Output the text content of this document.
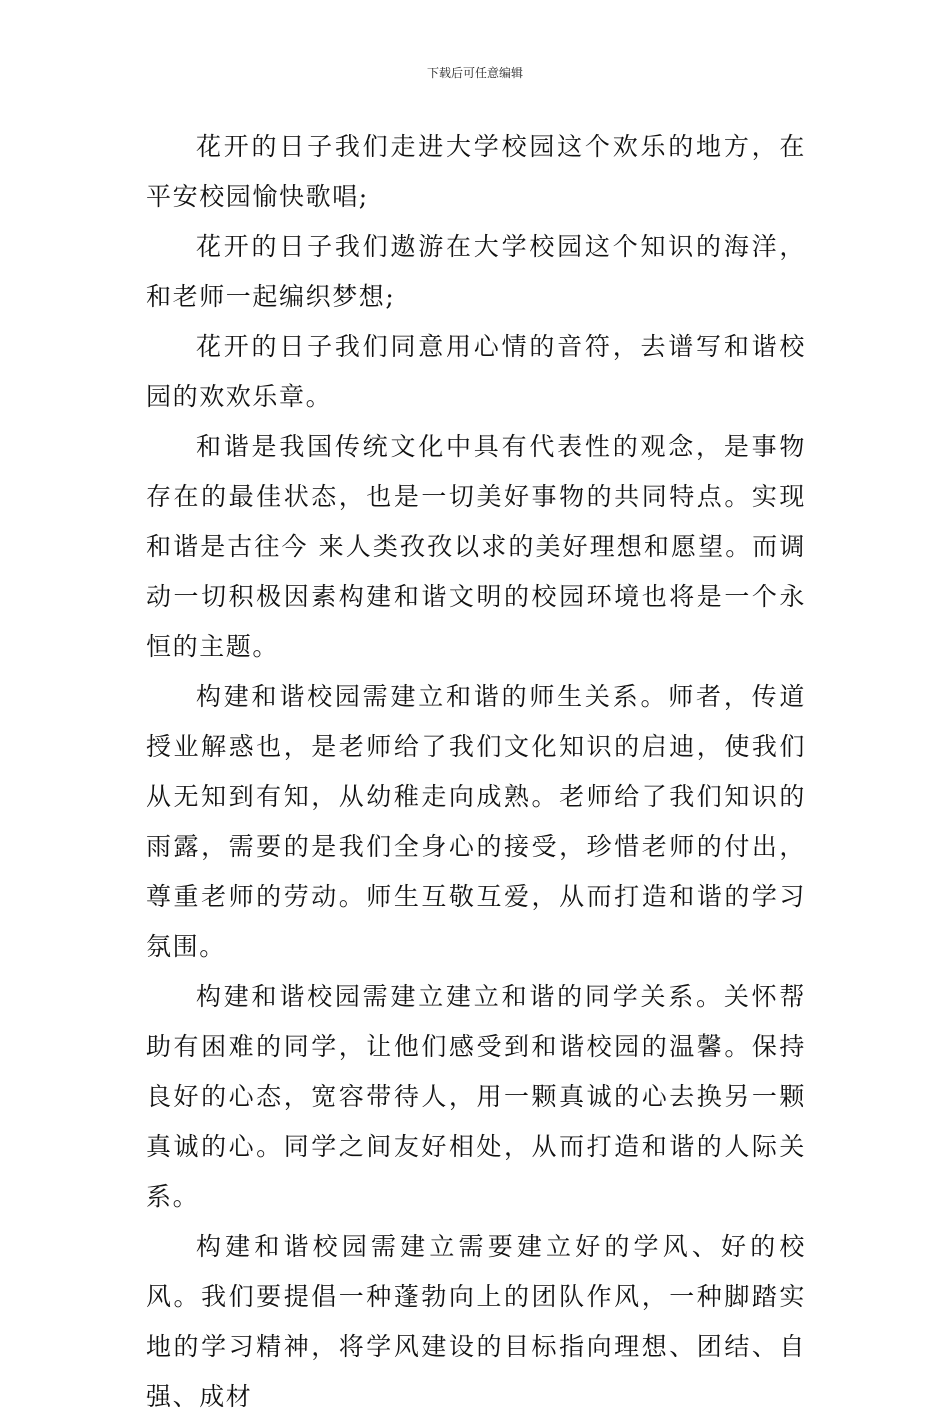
下载后可任意编辑

花开的日子我们走进大学校园这个欢乐的地方，在平安校园愉快歌唱;

花开的日子我们遨游在大学校园这个知识的海洋，和老师一起编织梦想;

花开的日子我们同意用心情的音符，去谱写和谐校园的欢欢乐章。

和谐是我国传统文化中具有代表性的观念，是事物存在的最佳状态，也是一切美好事物的共同特点。实现和谐是古往今 来人类孜孜以求的美好理想和愿望。而调动一切积极因素构建和谐文明的校园环境也将是一个永恒的主题。

构建和谐校园需建立和谐的师生关系。师者，传道授业解惑也，是老师给了我们文化知识的启迪，使我们从无知到有知，从幼稚走向成熟。老师给了我们知识的雨露，需要的是我们全身心的接受，珍惜老师的付出，尊重老师的劳动。师生互敬互爱，从而打造和谐的学习氛围。

构建和谐校园需建立建立和谐的同学关系。关怀帮助有困难的同学，让他们感受到和谐校园的温馨。保持良好的心态，宽容带待人，用一颗真诚的心去换另一颗真诚的心。同学之间友好相处，从而打造和谐的人际关系。

构建和谐校园需建立需要建立好的学风、好的校风。我们要提倡一种蓬勃向上的团队作风，一种脚踏实地的学习精神，将学风建设的目标指向理想、团结、自强、成材
